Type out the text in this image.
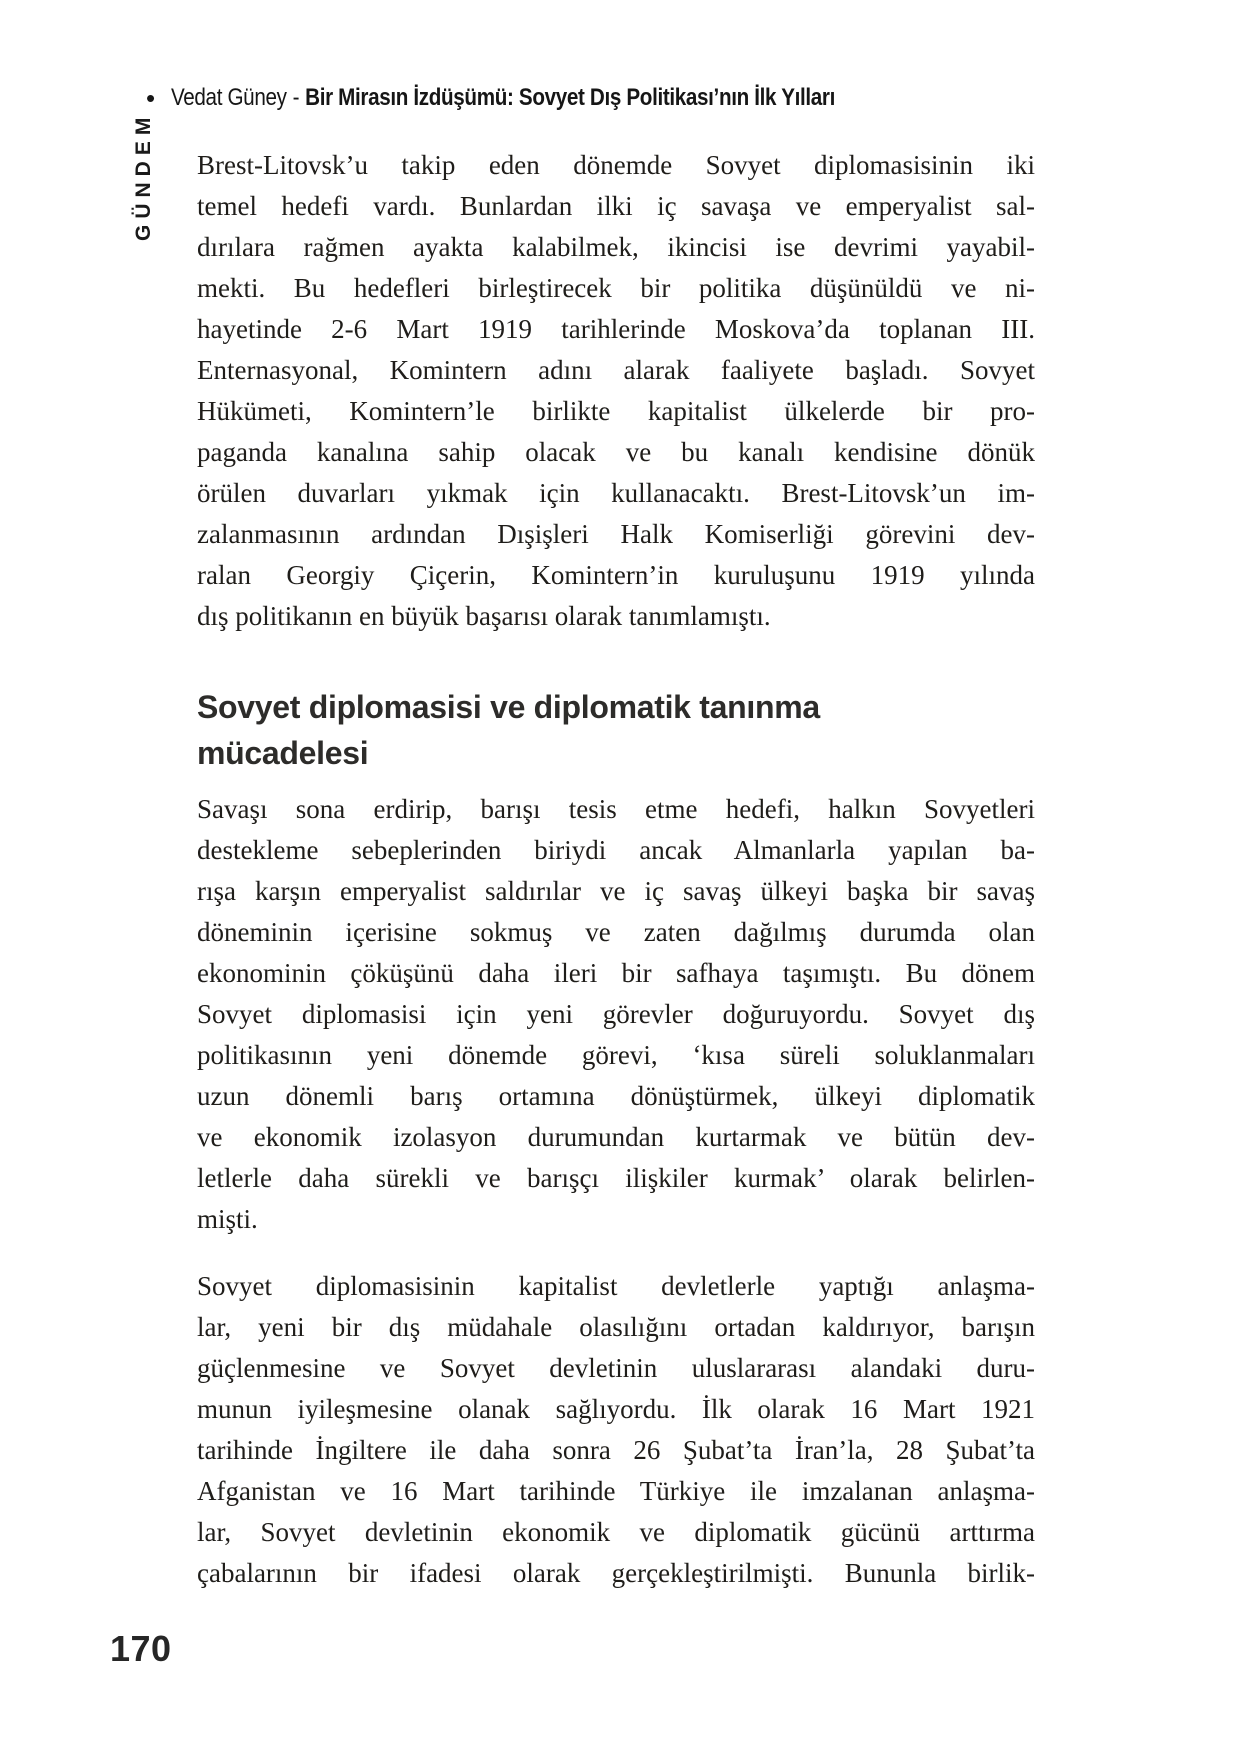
• Vedat Güney - Bir Mirasın İzdüşümü: Sovyet Dış Politikası’nın İlk Yılları
GÜNDEM Brest-Litovsk’u takip eden dönemde Sovyet diplomasisinin iki
temel hedefi vardı. Bunlardan ilki iç savaşa ve emperyalist sal-
dırılara rağmen ayakta kalabilmek, ikincisi ise devrimi yayabil-
mekti. Bu hedefleri birleştirecek bir politika düşünüldü ve ni-
hayetinde 2-6 Mart 1919 tarihlerinde Moskova’da toplanan III.
Enternasyonal, Komintern adını alarak faaliyete başladı. Sovyet
Hükümeti, Komintern’le birlikte kapitalist ülkelerde bir pro-
paganda kanalına sahip olacak ve bu kanalı kendisine dönük
örülen duvarları yıkmak için kullanacaktı. Brest-Litovsk’un im-
zalanmasının ardından Dışişleri Halk Komiserliği görevini dev-
ralan Georgiy Çiçerin, Komintern’in kuruluşunu 1919 yılında
dış politikanın en büyük başarısı olarak tanımlamıştı.
Sovyet diplomasisi ve diplomatik tanınma
mücadelesi
Savaşı sona erdirip, barışı tesis etme hedefi, halkın Sovyetleri
destekleme sebeplerinden biriydi ancak Almanlarla yapılan ba-
rışa karşın emperyalist saldırılar ve iç savaş ülkeyi başka bir savaş
döneminin içerisine sokmuş ve zaten dağılmış durumda olan
ekonominin çöküşünü daha ileri bir safhaya taşımıştı. Bu dönem
Sovyet diplomasisi için yeni görevler doğuruyordu. Sovyet dış
politikasının yeni dönemde görevi, ‘kısa süreli soluklanmaları
uzun dönemli barış ortamına dönüştürmek, ülkeyi diplomatik
ve ekonomik izolasyon durumundan kurtarmak ve bütün dev-
letlerle daha sürekli ve barışçı ilişkiler kurmak’ olarak belirlen-
mişti.
Sovyet diplomasisinin kapitalist devletlerle yaptığı anlaşma-
lar, yeni bir dış müdahale olasılığını ortadan kaldırıyor, barışın
güçlenmesine ve Sovyet devletinin uluslararası alandaki duru-
munun iyileşmesine olanak sağlıyordu. İlk olarak 16 Mart 1921
tarihinde İngiltere ile daha sonra 26 Şubat’ta İran’la, 28 Şubat’ta
Afganistan ve 16 Mart tarihinde Türkiye ile imzalanan anlaşma-
lar, Sovyet devletinin ekonomik ve diplomatik gücünü arttırma
çabalarının bir ifadesi olarak gerçekleştirilmişti. Bununla birlik-
170
